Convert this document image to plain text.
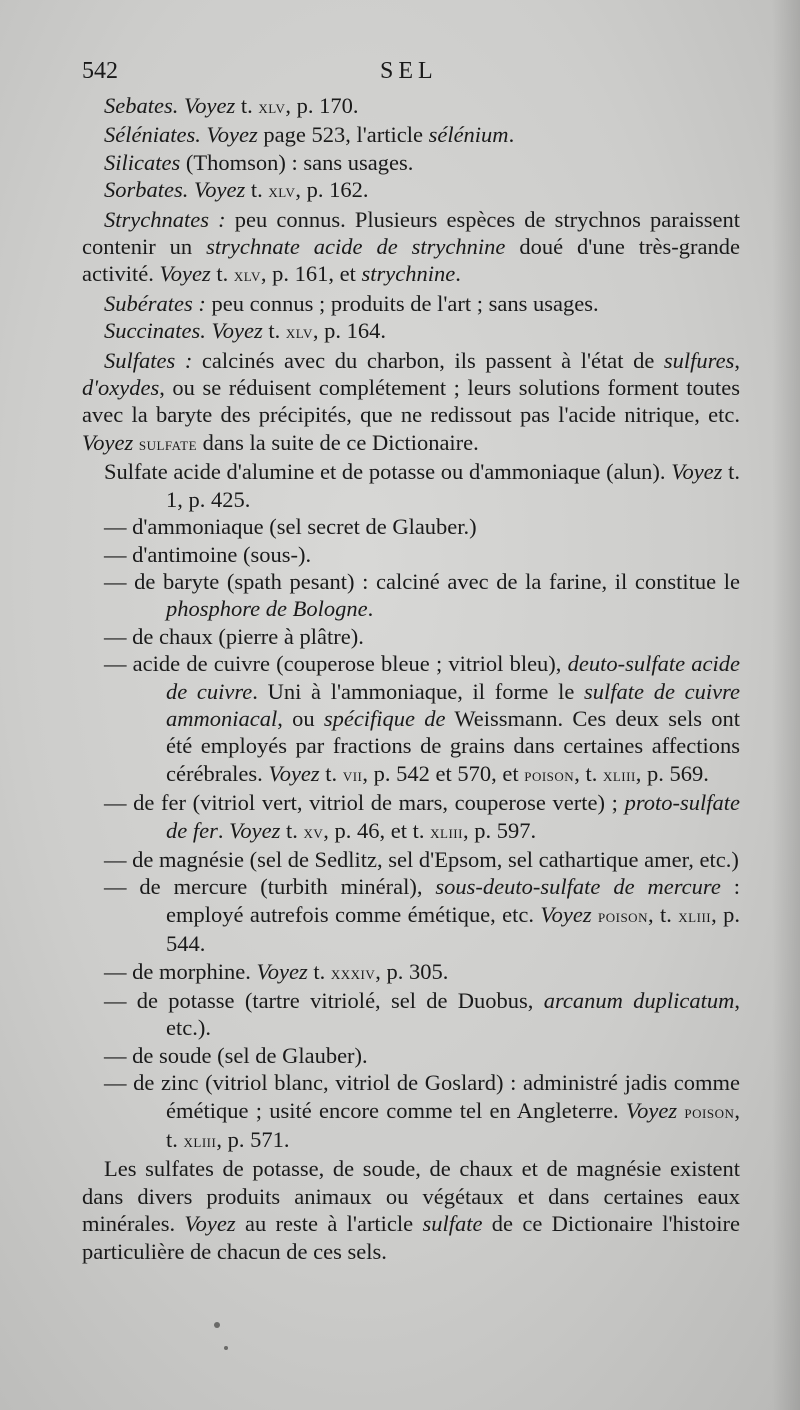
542	SEL

Sebates. Voyez t. xlv, p. 170.

Séléniates. Voyez page 523, l'article sélénium.

Silicates (Thomson) : sans usages.

Sorbates. Voyez t. xlv, p. 162.

Strychnates : peu connus. Plusieurs espèces de strychnos paraissent contenir un strychnate acide de strychnine doué d'une très-grande activité. Voyez t. xlv, p. 161, et strychnine.

Subérates : peu connus ; produits de l'art ; sans usages.

Succinates. Voyez t. xlv, p. 164.

Sulfates : calcinés avec du charbon, ils passent à l'état de sulfures, d'oxydes, ou se réduisent complétement ; leurs solutions forment toutes avec la baryte des précipités, que ne redissout pas l'acide nitrique, etc. Voyez sulfate dans la suite de ce Dictionaire.

Sulfate acide d'alumine et de potasse ou d'ammoniaque (alun). Voyez t. 1, p. 425.

— d'ammoniaque (sel secret de Glauber.)

— d'antimoine (sous-).

— de baryte (spath pesant) : calciné avec de la farine, il constitue le phosphore de Bologne.

— de chaux (pierre à plâtre).

— acide de cuivre (couperose bleue ; vitriol bleu), deuto-sulfate acide de cuivre. Uni à l'ammoniaque, il forme le sulfate de cuivre ammoniacal, ou spécifique de Weissmann. Ces deux sels ont été employés par fractions de grains dans certaines affections cérébrales. Voyez t. vii, p. 542 et 570, et poison, t. xliii, p. 569.

— de fer (vitriol vert, vitriol de mars, couperose verte) ; proto-sulfate de fer. Voyez t. xv, p. 46, et t. xliii, p. 597.

— de magnésie (sel de Sedlitz, sel d'Epsom, sel cathartique amer, etc.)

— de mercure (turbith minéral), sous-deuto-sulfate de mercure : employé autrefois comme émétique, etc. Voyez poison, t. xliii, p. 544.

— de morphine. Voyez t. xxxiv, p. 305.

— de potasse (tartre vitriolé, sel de Duobus, arcanum duplicatum, etc.).

— de soude (sel de Glauber).

— de zinc (vitriol blanc, vitriol de Goslard) : administré jadis comme émétique ; usité encore comme tel en Angleterre. Voyez poison, t. xliii, p. 571.

Les sulfates de potasse, de soude, de chaux et de magnésie existent dans divers produits animaux ou végétaux et dans certaines eaux minérales. Voyez au reste à l'article sulfate de ce Dictionaire l'histoire particulière de chacun de ces sels.
